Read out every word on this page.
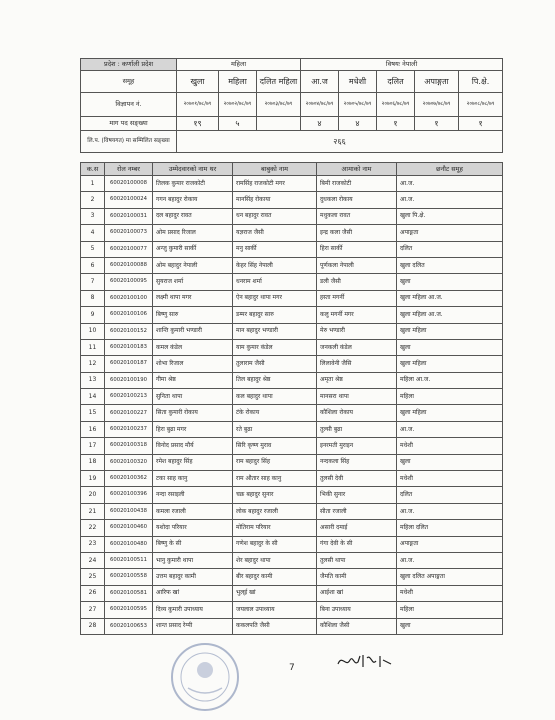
प्रदेश : कर्णाली प्रदेश	महिला			विषयः नेपाली				
समूह	खुला	महिला	दलित महिला	आ.ज	मधेशी	दलित	अपाङ्गता	पि.क्षे.
विज्ञापन नं.	२०७०१/७८/७९	२०७०२/७८/७९	२०७०३/७८/७९	२०७०४/७८/७९	२०७०५/७८/७९	२०७०६/७८/७९	२०७०७/७८/७९	२०७०८/७८/७९
माग पद सङ्ख्या	१९	५		४	४	१	१	१
लि.प. (विषयगत) मा सम्मिलित सङ्ख्या	२६६							
क.स	रोल नम्बर	उम्मेदवारको नाम थर	बाबुको नाम	आमाको नाम	छनौट समूह
1	60020100008	तिलक कुमार राजकोटी	रामसिंह राजकोटी मगर	बिमी राजकोटी	आ.ज.
2	60020100024	गगन बहादुर रोकाय	मानसिंह रोकाया	दुधकला रोकाय	आ.ज.
3	60020100031	दल बहादुर रावत	धन बहादुर रावत	मधुकला रावत	खुला पि.क्षे.
4	60020100073	ओम प्रसाद रिजाल	यज्ञराज जैसी	इन्द्र कला जैसी	अपाङ्गता
5	60020100077	अन्जु कुमारी सार्की	मनु सार्की	हिरा सार्की	दलित
6	60020100088	ओम बहादुर नेपाली	केहर सिंह नेपाली	पूर्णकला नेपाली	खुला दलित
7	60020100095	सुयराज शर्मा	धनराम शर्मा	डली जैसी	खुला
8	60020100100	लक्ष्मी थापा मगर	ऐन बहादुर थापा मगर	हस्ता मगर्नी	खुला महिला आ.ज.
9	60020100106	बिष्णु सारु	डम्मर बहादुर सारु	कलु मगर्नी मगर	खुला महिला आ.ज.
10	60020100152	शान्ति कुमारी भण्डारी	मान बहादुर भण्डारी	मेरु भण्डारी	खुला महिला
11	60020100183	कमल कंडेल	याम कुमार कंडेल	जनकली कंडेल	खुला
12	60020100187	शोभा रिजाल	तुलाराम जैसी	लिलावेनी जैसि	खुला महिला
13	60020100190	गीमा श्रेष्ठ	तिल बहादुर श्रेष्ठ	अमृता श्रेष्ठ	महिला आ.ज.
14	60020100213	सुनिता थापा	कल बहादुर थापा	मानसरा थापा	महिला
15	60020100227	सिता कुमारी रोकाय	टंके रोकाय	कौशिला रोकाय	खुला महिला
16	60020100237	हिरा बुढा मगर	रते बुढा	तुल्सी बुढा	आ.ज.
17	60020100318	विनोद प्रसाद मौर्य	सिरि कृष्ण मुराव	इनरमती मुराइन	मधेशी
18	60020100320	रमेश बहादुर सिंह	राम बहादुर सिंह	नन्दकला सिंह	खुला
19	60020100362	टका साह कानु	राम औतार साह कानु	तुलसी देवी	मधेशी
20	60020100396	नन्दा रसाइली	चक्र बहादुर सुनार	भिकी सुनार	दलित
21	60020100438	कमला रजाली	लोक बहादुर रजाली	सीता रजाली	आ.ज.
22	60020100460	यशोदा परियार	मोतिराम परियार	असारी दमाई	महिला दलित
23	60020100480	बिष्णु के सी	गणेश बहादुर के सी	गंगा देवी के सी	अपाङ्गता
24	60020100511	भानु कुमारी थापा	शेर बहादुर थापा	तुलसी थापा	आ.ज.
25	60020100558	उत्तम बहादुर कामी	बीर बहादुर कामी	जैमति कामी	खुला दलित अपाङ्गता
26	60020100581	आरिफ खां	भुल्ई खां	आईशा खां	मधेशी
27	60020100595	दिव्य कुमारी उपाध्याय	जयलाल उपाध्याय	बिना उपाध्याय	महिला
28	60020100653	शान्त प्रसाद रेग्मी	ककलपति जैसी	कौशिला जैसी	खुला
7
